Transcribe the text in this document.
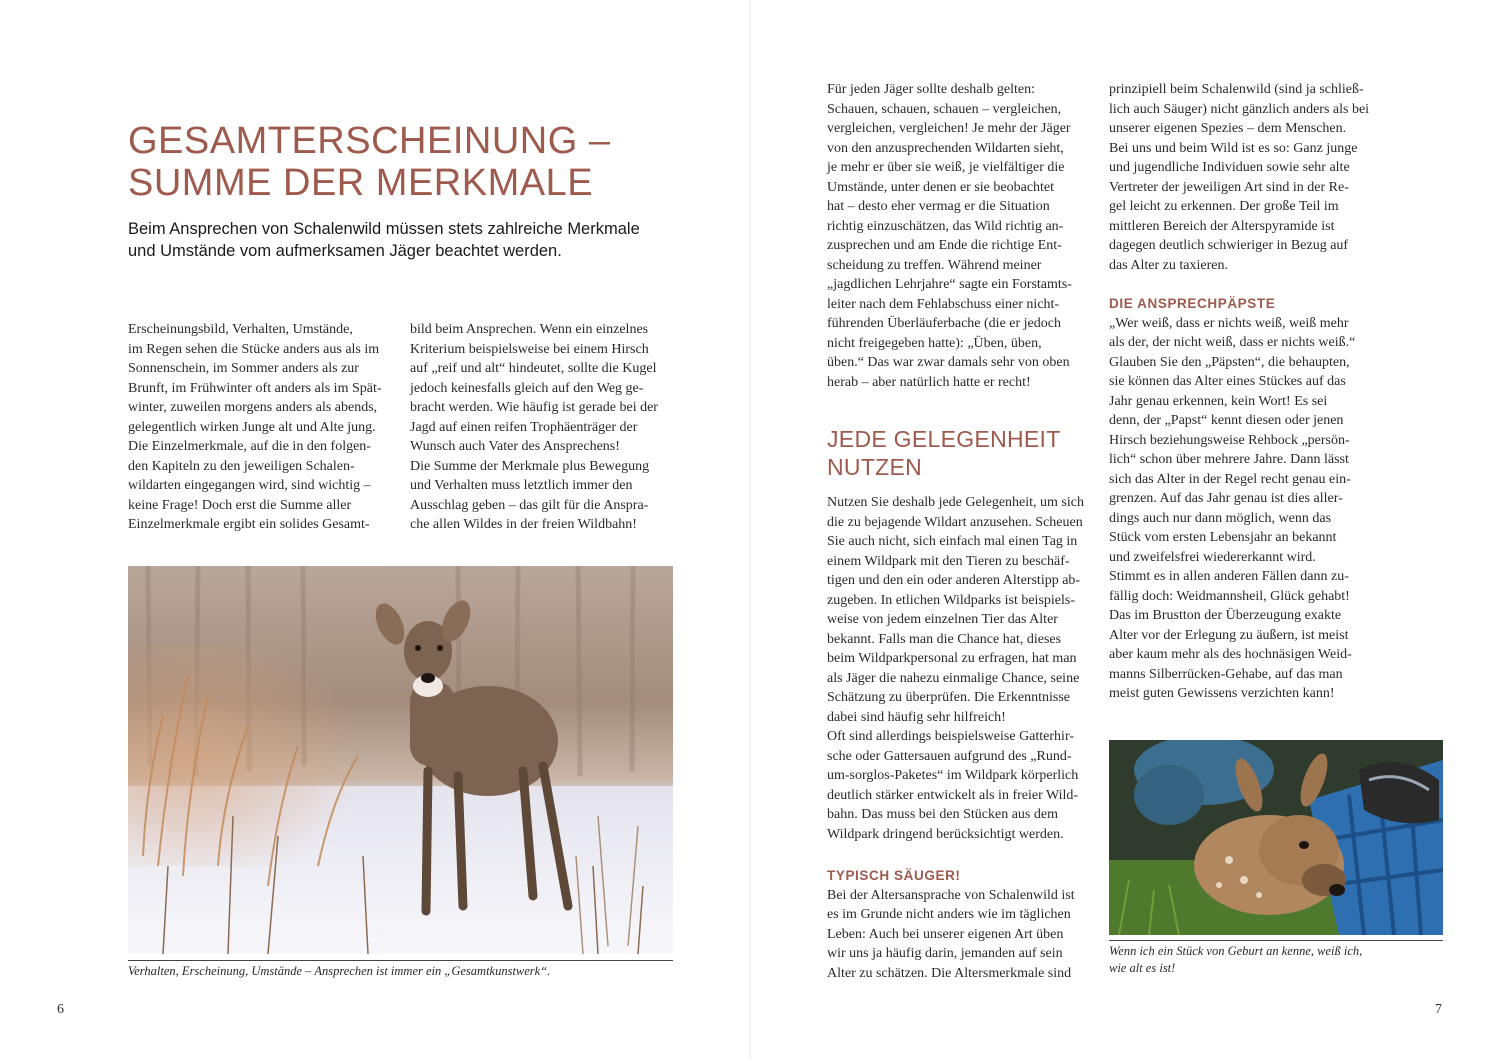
GESAMTERSCHEINUNG –
SUMME DER MERKMALE

Beim Ansprechen von Schalenwild müssen stets zahlreiche Merkmale
und Umstände vom aufmerksamen Jäger beachtet werden.

Erscheinungsbild, Verhalten, Umstände,
im Regen sehen die Stücke anders aus als im
Sonnenschein, im Sommer anders als zur
Brunft, im Frühwinter oft anders als im Spät-
winter, zuweilen morgens anders als abends,
gelegentlich wirken Junge alt und Alte jung.
Die Einzelmerkmale, auf die in den folgen-
den Kapiteln zu den jeweiligen Schalen-
wildarten eingegangen wird, sind wichtig –
keine Frage! Doch erst die Summe aller
Einzelmerkmale ergibt ein solides Gesamt-

bild beim Ansprechen. Wenn ein einzelnes
Kriterium beispielsweise bei einem Hirsch
auf „reif und alt“ hindeutet, sollte die Kugel
jedoch keinesfalls gleich auf den Weg ge-
bracht werden. Wie häufig ist gerade bei der
Jagd auf einen reifen Trophäenträger der
Wunsch auch Vater des Ansprechens!
Die Summe der Merkmale plus Bewegung
und Verhalten muss letztlich immer den
Ausschlag geben – das gilt für die Anspra-
che allen Wildes in der freien Wildbahn!

Verhalten, Erscheinung, Umstände – Ansprechen ist immer ein „Gesamtkunstwerk“.
6

Für jeden Jäger sollte deshalb gelten:
Schauen, schauen, schauen – vergleichen,
vergleichen, vergleichen! Je mehr der Jäger
von den anzusprechenden Wildarten sieht,
je mehr er über sie weiß, je vielfältiger die
Umstände, unter denen er sie beobachtet
hat – desto eher vermag er die Situation
richtig einzuschätzen, das Wild richtig an-
zusprechen und am Ende die richtige Ent-
scheidung zu treffen. Während meiner
„jagdlichen Lehrjahre“ sagte ein Forstamts-
leiter nach dem Fehlabschuss einer nicht-
führenden Überläuferbache (die er jedoch
nicht freigegeben hatte): „Üben, üben,
üben.“ Das war zwar damals sehr von oben
herab – aber natürlich hatte er recht!

JEDE GELEGENHEIT
NUTZEN

Nutzen Sie deshalb jede Gelegenheit, um sich
die zu bejagende Wildart anzusehen. Scheuen
Sie auch nicht, sich einfach mal einen Tag in
einem Wildpark mit den Tieren zu beschäf-
tigen und den ein oder anderen Alterstipp ab-
zugeben. In etlichen Wildparks ist beispiels-
weise von jedem einzelnen Tier das Alter
bekannt. Falls man die Chance hat, dieses
beim Wildparkpersonal zu erfragen, hat man
als Jäger die nahezu einmalige Chance, seine
Schätzung zu überprüfen. Die Erkenntnisse
dabei sind häufig sehr hilfreich!
Oft sind allerdings beispielsweise Gatterhir-
sche oder Gattersauen aufgrund des „Rund-
um-sorglos-Paketes“ im Wildpark körperlich
deutlich stärker entwickelt als in freier Wild-
bahn. Das muss bei den Stücken aus dem
Wildpark dringend berücksichtigt werden.

TYPISCH SÄUGER!

Bei der Altersansprache von Schalenwild ist
es im Grunde nicht anders wie im täglichen
Leben: Auch bei unserer eigenen Art üben
wir uns ja häufig darin, jemanden auf sein
Alter zu schätzen. Die Altersmerkmale sind

prinzipiell beim Schalenwild (sind ja schließ-
lich auch Säuger) nicht gänzlich anders als bei
unserer eigenen Spezies – dem Menschen.
Bei uns und beim Wild ist es so: Ganz junge
und jugendliche Individuen sowie sehr alte
Vertreter der jeweiligen Art sind in der Re-
gel leicht zu erkennen. Der große Teil im
mittleren Bereich der Alterspyramide ist
dagegen deutlich schwieriger in Bezug auf
das Alter zu taxieren.

DIE ANSPRECHPÄPSTE

„Wer weiß, dass er nichts weiß, weiß mehr
als der, der nicht weiß, dass er nichts weiß.“
Glauben Sie den „Päpsten“, die behaupten,
sie können das Alter eines Stückes auf das
Jahr genau erkennen, kein Wort! Es sei
denn, der „Papst“ kennt diesen oder jenen
Hirsch beziehungsweise Rehbock „persön-
lich“ schon über mehrere Jahre. Dann lässt
sich das Alter in der Regel recht genau ein-
grenzen. Auf das Jahr genau ist dies aller-
dings auch nur dann möglich, wenn das
Stück vom ersten Lebensjahr an bekannt
und zweifelsfrei wiedererkannt wird.
Stimmt es in allen anderen Fällen dann zu-
fällig doch: Weidmannsheil, Glück gehabt!
Das im Brustton der Überzeugung exakte
Alter vor der Erlegung zu äußern, ist meist
aber kaum mehr als des hochnäsigen Weid-
manns Silberrücken-Gehabe, auf das man
meist guten Gewissens verzichten kann!

Wenn ich ein Stück von Geburt an kenne, weiß ich,
wie alt es ist!
7
